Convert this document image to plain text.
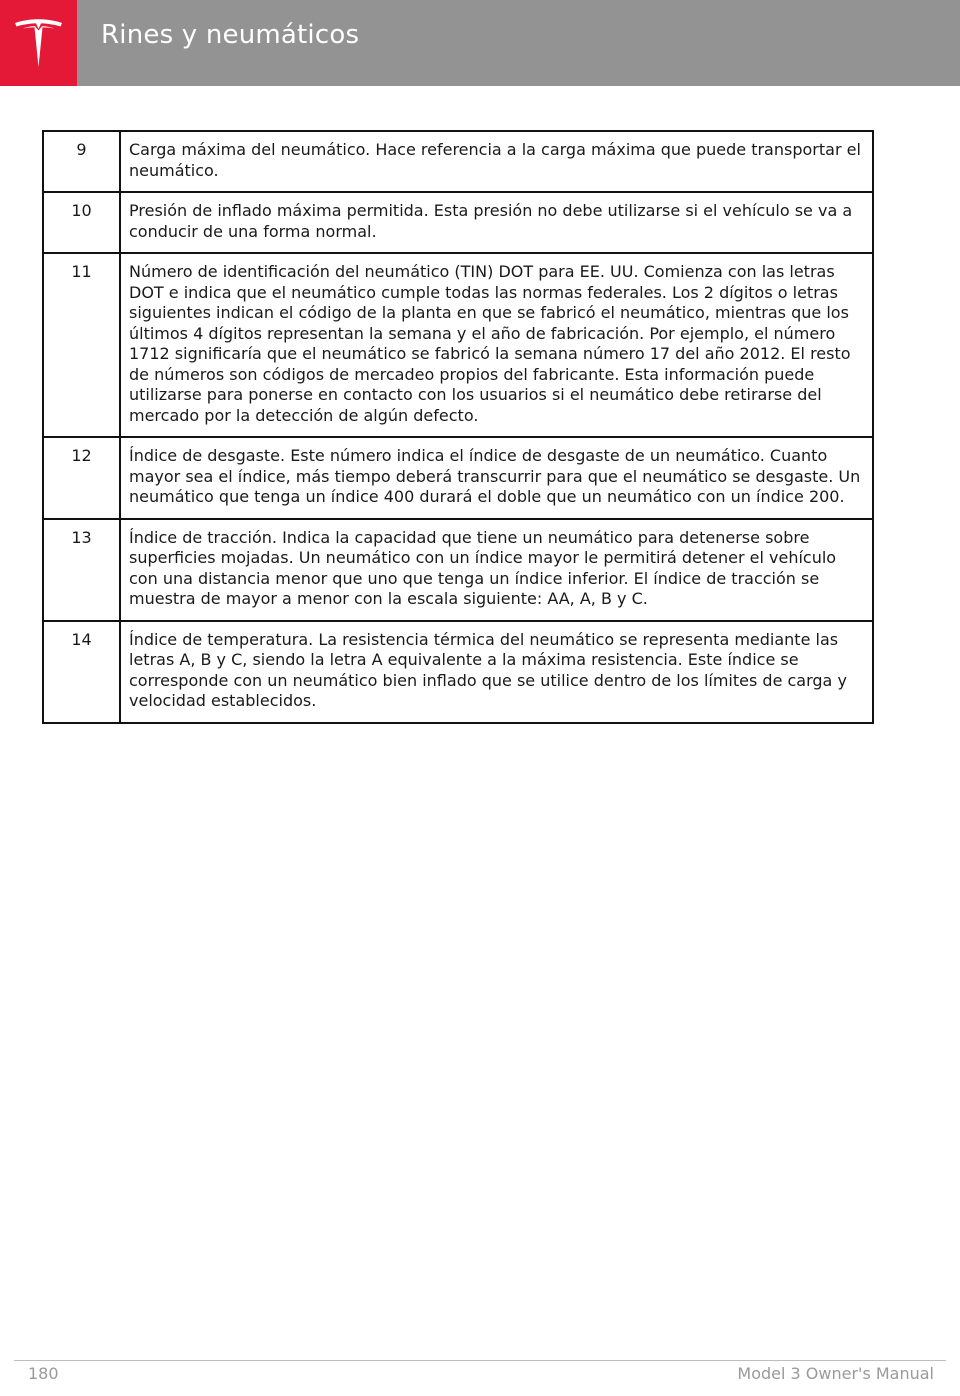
Rines y neumáticos
9	Carga máxima del neumático. Hace referencia a la carga máxima que puede transportar el neumático.
10	Presión de inflado máxima permitida. Esta presión no debe utilizarse si el vehículo se va a conducir de una forma normal.
11	Número de identificación del neumático (TIN) DOT para EE. UU. Comienza con las letras DOT e indica que el neumático cumple todas las normas federales. Los 2 dígitos o letras siguientes indican el código de la planta en que se fabricó el neumático, mientras que los últimos 4 dígitos representan la semana y el año de fabricación. Por ejemplo, el número 1712 significaría que el neumático se fabricó la semana número 17 del año 2012. El resto de números son códigos de mercadeo propios del fabricante. Esta información puede utilizarse para ponerse en contacto con los usuarios si el neumático debe retirarse del mercado por la detección de algún defecto.
12	Índice de desgaste. Este número indica el índice de desgaste de un neumático. Cuanto mayor sea el índice, más tiempo deberá transcurrir para que el neumático se desgaste. Un neumático que tenga un índice 400 durará el doble que un neumático con un índice 200.
13	Índice de tracción. Indica la capacidad que tiene un neumático para detenerse sobre superficies mojadas. Un neumático con un índice mayor le permitirá detener el vehículo con una distancia menor que uno que tenga un índice inferior. El índice de tracción se muestra de mayor a menor con la escala siguiente: AA, A, B y C.
14	Índice de temperatura. La resistencia térmica del neumático se representa mediante las letras A, B y C, siendo la letra A equivalente a la máxima resistencia. Este índice se corresponde con un neumático bien inflado que se utilice dentro de los límites de carga y velocidad establecidos.
180	Model 3 Owner's Manual
